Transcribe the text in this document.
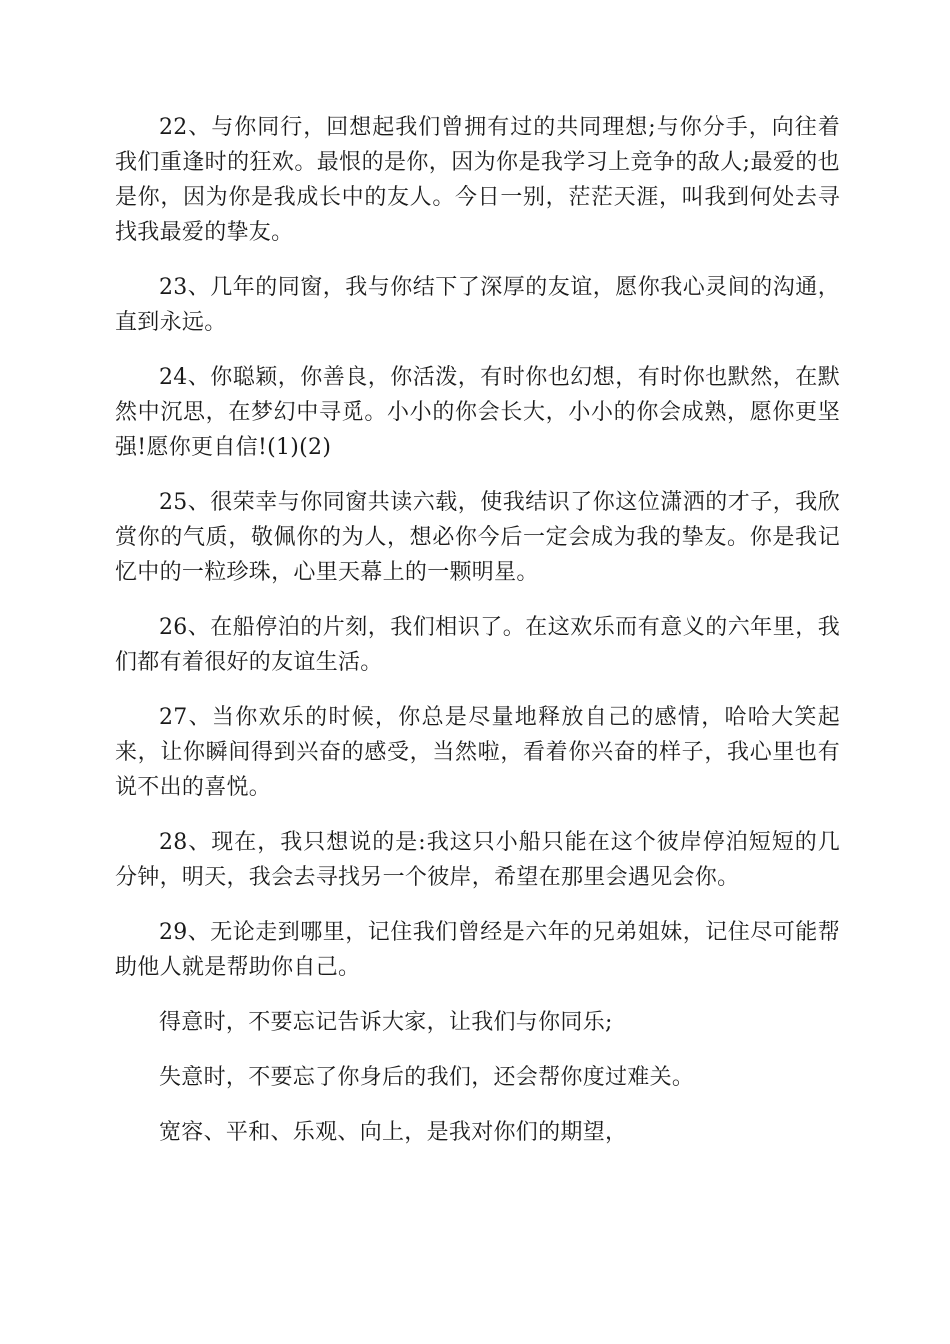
22、与你同行，回想起我们曾拥有过的共同理想;与你分手，向往着我们重逢时的狂欢。最恨的是你，因为你是我学习上竞争的敌人;最爱的也是你，因为你是我成长中的友人。今日一别，茫茫天涯，叫我到何处去寻找我最爱的挚友。

23、几年的同窗，我与你结下了深厚的友谊，愿你我心灵间的沟通，直到永远。

24、你聪颖，你善良，你活泼，有时你也幻想，有时你也默然，在默然中沉思，在梦幻中寻觅。小小的你会长大，小小的你会成熟，愿你更坚强!愿你更自信!(1)(2)

25、很荣幸与你同窗共读六载，使我结识了你这位潇洒的才子，我欣赏你的气质，敬佩你的为人，想必你今后一定会成为我的挚友。你是我记忆中的一粒珍珠，心里天幕上的一颗明星。

26、在船停泊的片刻，我们相识了。在这欢乐而有意义的六年里，我们都有着很好的友谊生活。

27、当你欢乐的时候，你总是尽量地释放自己的感情，哈哈大笑起来，让你瞬间得到兴奋的感受，当然啦，看着你兴奋的样子，我心里也有说不出的喜悦。

28、现在，我只想说的是:我这只小船只能在这个彼岸停泊短短的几分钟，明天，我会去寻找另一个彼岸，希望在那里会遇见会你。

29、无论走到哪里，记住我们曾经是六年的兄弟姐妹，记住尽可能帮助他人就是帮助你自己。

得意时，不要忘记告诉大家，让我们与你同乐;

失意时，不要忘了你身后的我们，还会帮你度过难关。

宽容、平和、乐观、向上，是我对你们的期望，
